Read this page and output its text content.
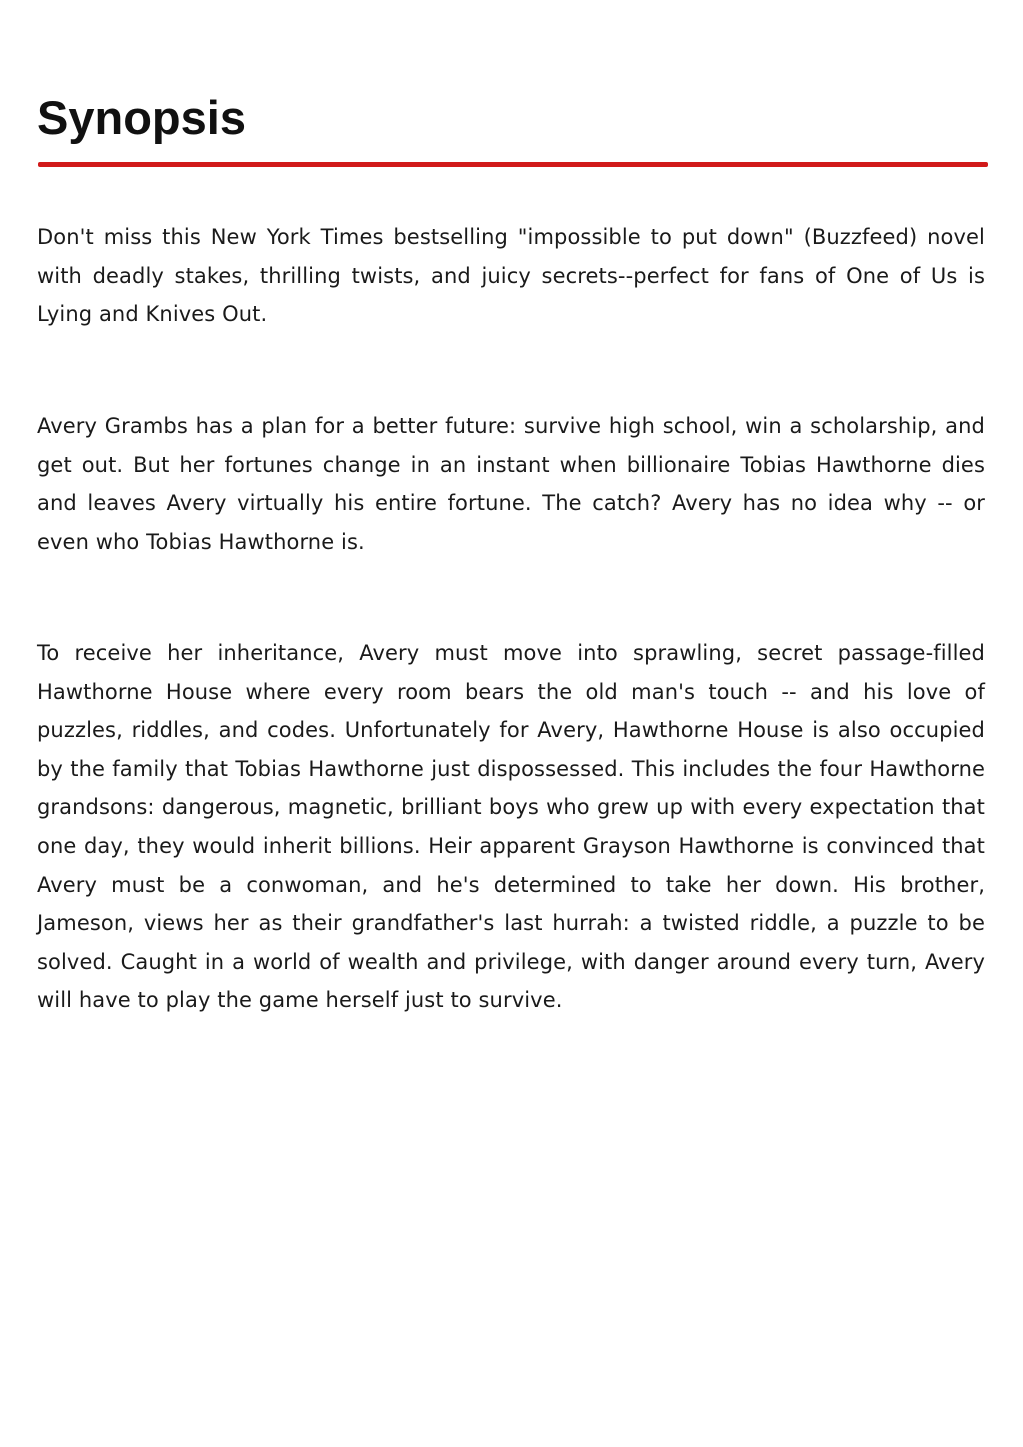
Synopsis

Don't miss this New York Times bestselling "impossible to put down" (Buzzfeed) novel with deadly stakes, thrilling twists, and juicy secrets--perfect for fans of One of Us is Lying and Knives Out.

Avery Grambs has a plan for a better future: survive high school, win a scholarship, and get out. But her fortunes change in an instant when billionaire Tobias Hawthorne dies and leaves Avery virtually his entire fortune. The catch? Avery has no idea why -- or even who Tobias Hawthorne is.

To receive her inheritance, Avery must move into sprawling, secret passage-filled Hawthorne House where every room bears the old man's touch -- and his love of puzzles, riddles, and codes. Unfortunately for Avery, Hawthorne House is also occupied by the family that Tobias Hawthorne just dispossessed. This includes the four Hawthorne grandsons: dangerous, magnetic, brilliant boys who grew up with every expectation that one day, they would inherit billions. Heir apparent Grayson Hawthorne is convinced that Avery must be a conwoman, and he's determined to take her down. His brother, Jameson, views her as their grandfather's last hurrah: a twisted riddle, a puzzle to be solved. Caught in a world of wealth and privilege, with danger around every turn, Avery will have to play the game herself just to survive.
